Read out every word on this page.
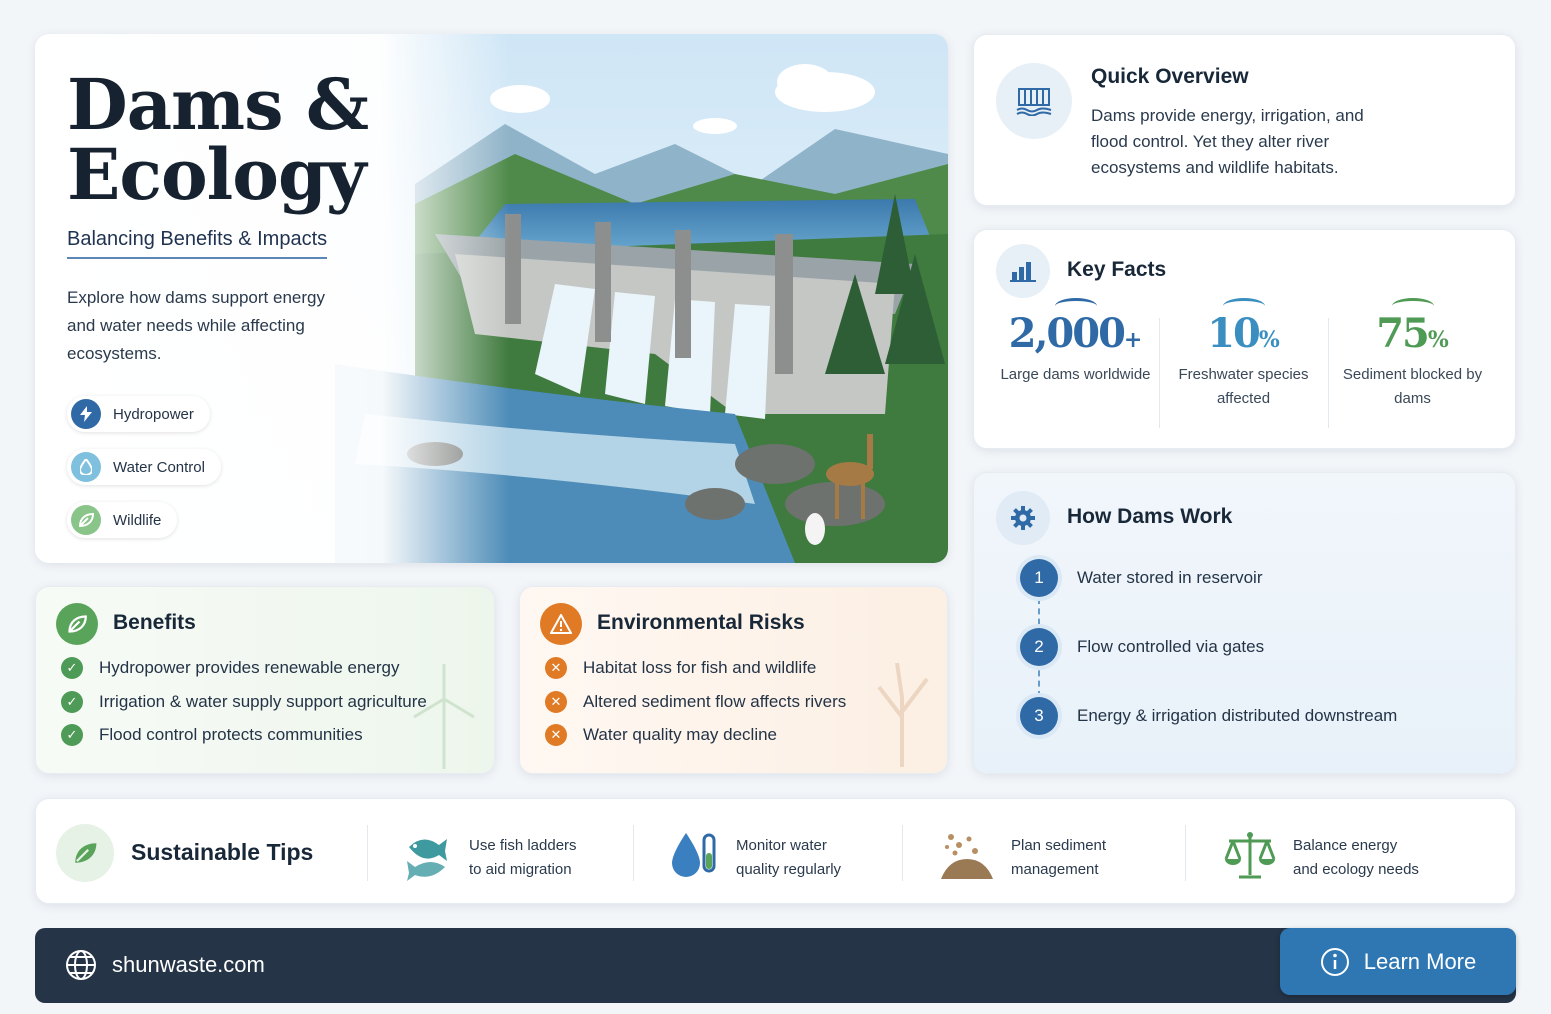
Dams &
Ecology
Balancing Benefits & Impacts
Explore how dams support energy and water needs while affecting ecosystems.
Hydropower
Water Control
Wildlife
Quick Overview
Dams provide energy, irrigation, and flood control. Yet they alter river ecosystems and wildlife habitats.
Key Facts
2,000+
Large dams worldwide
10%
Freshwater species affected
75%
Sediment blocked by dams
How Dams Work
1	Water stored in reservoir
2	Flow controlled via gates
3	Energy & irrigation distributed downstream
Benefits
✓	Hydropower provides renewable energy
✓	Irrigation & water supply support agriculture
✓	Flood control protects communities
Environmental Risks
✕	Habitat loss for fish and wildlife
✕	Altered sediment flow affects rivers
✕	Water quality may decline
Sustainable Tips	Use fish ladders
to aid migration
Monitor water
quality regularly
Plan sediment
management
Balance energy
and ecology needs
shunwaste.com	Learn More
